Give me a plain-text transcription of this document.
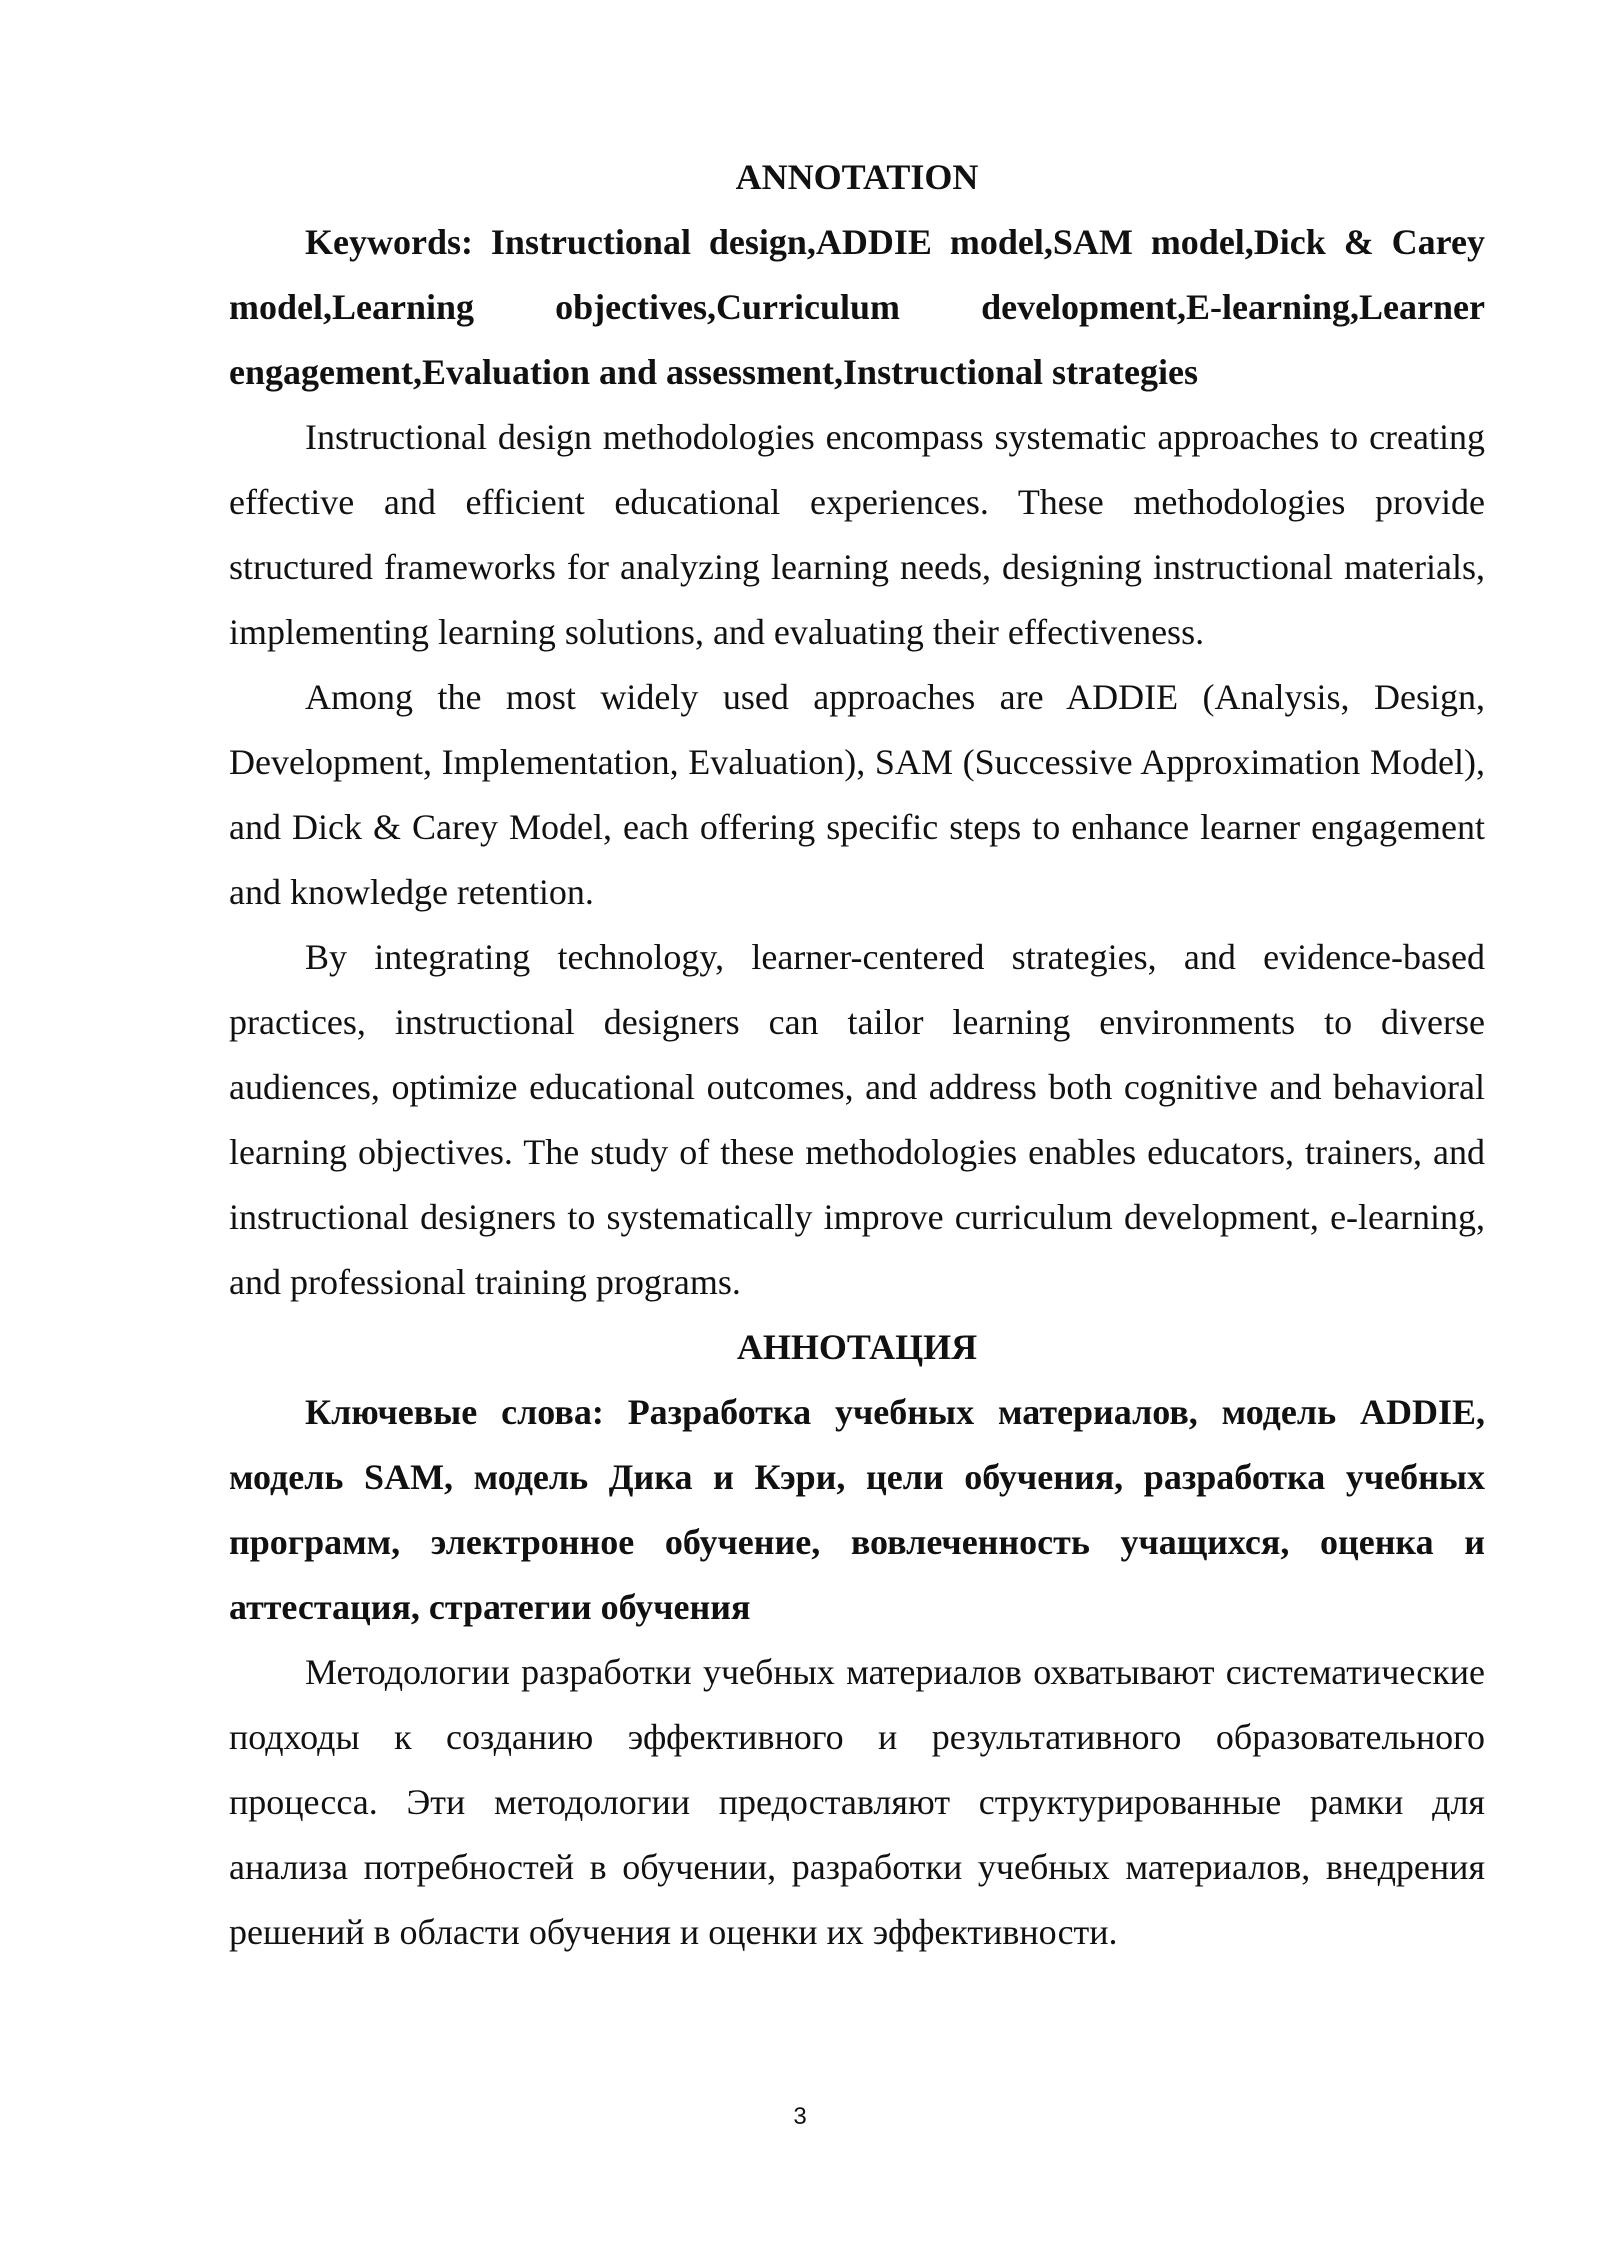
ANNOTATION

Keywords: Instructional design,ADDIE model,SAM model,Dick & Carey model,Learning objectives,Curriculum development,E-learning,Learner engagement,Evaluation and assessment,Instructional strategies

Instructional design methodologies encompass systematic approaches to creating effective and efficient educational experiences. These methodologies provide structured frameworks for analyzing learning needs, designing instructional materials, implementing learning solutions, and evaluating their effectiveness.

Among the most widely used approaches are ADDIE (Analysis, Design, Development, Implementation, Evaluation), SAM (Successive Approximation Model), and Dick & Carey Model, each offering specific steps to enhance learner engagement and knowledge retention.

By integrating technology, learner-centered strategies, and evidence-based practices, instructional designers can tailor learning environments to diverse audiences, optimize educational outcomes, and address both cognitive and behavioral learning objectives. The study of these methodologies enables educators, trainers, and instructional designers to systematically improve curriculum development, e-learning, and professional training programs.

АННОТАЦИЯ

Ключевые слова: Разработка учебных материалов, модель ADDIE, модель SAM, модель Дика и Кэри, цели обучения, разработка учебных программ, электронное обучение, вовлеченность учащихся, оценка и аттестация, стратегии обучения

Методологии разработки учебных материалов охватывают систематические подходы к созданию эффективного и результативного образовательного процесса. Эти методологии предоставляют структурированные рамки для анализа потребностей в обучении, разработки учебных материалов, внедрения решений в области обучения и оценки их эффективности.

3
